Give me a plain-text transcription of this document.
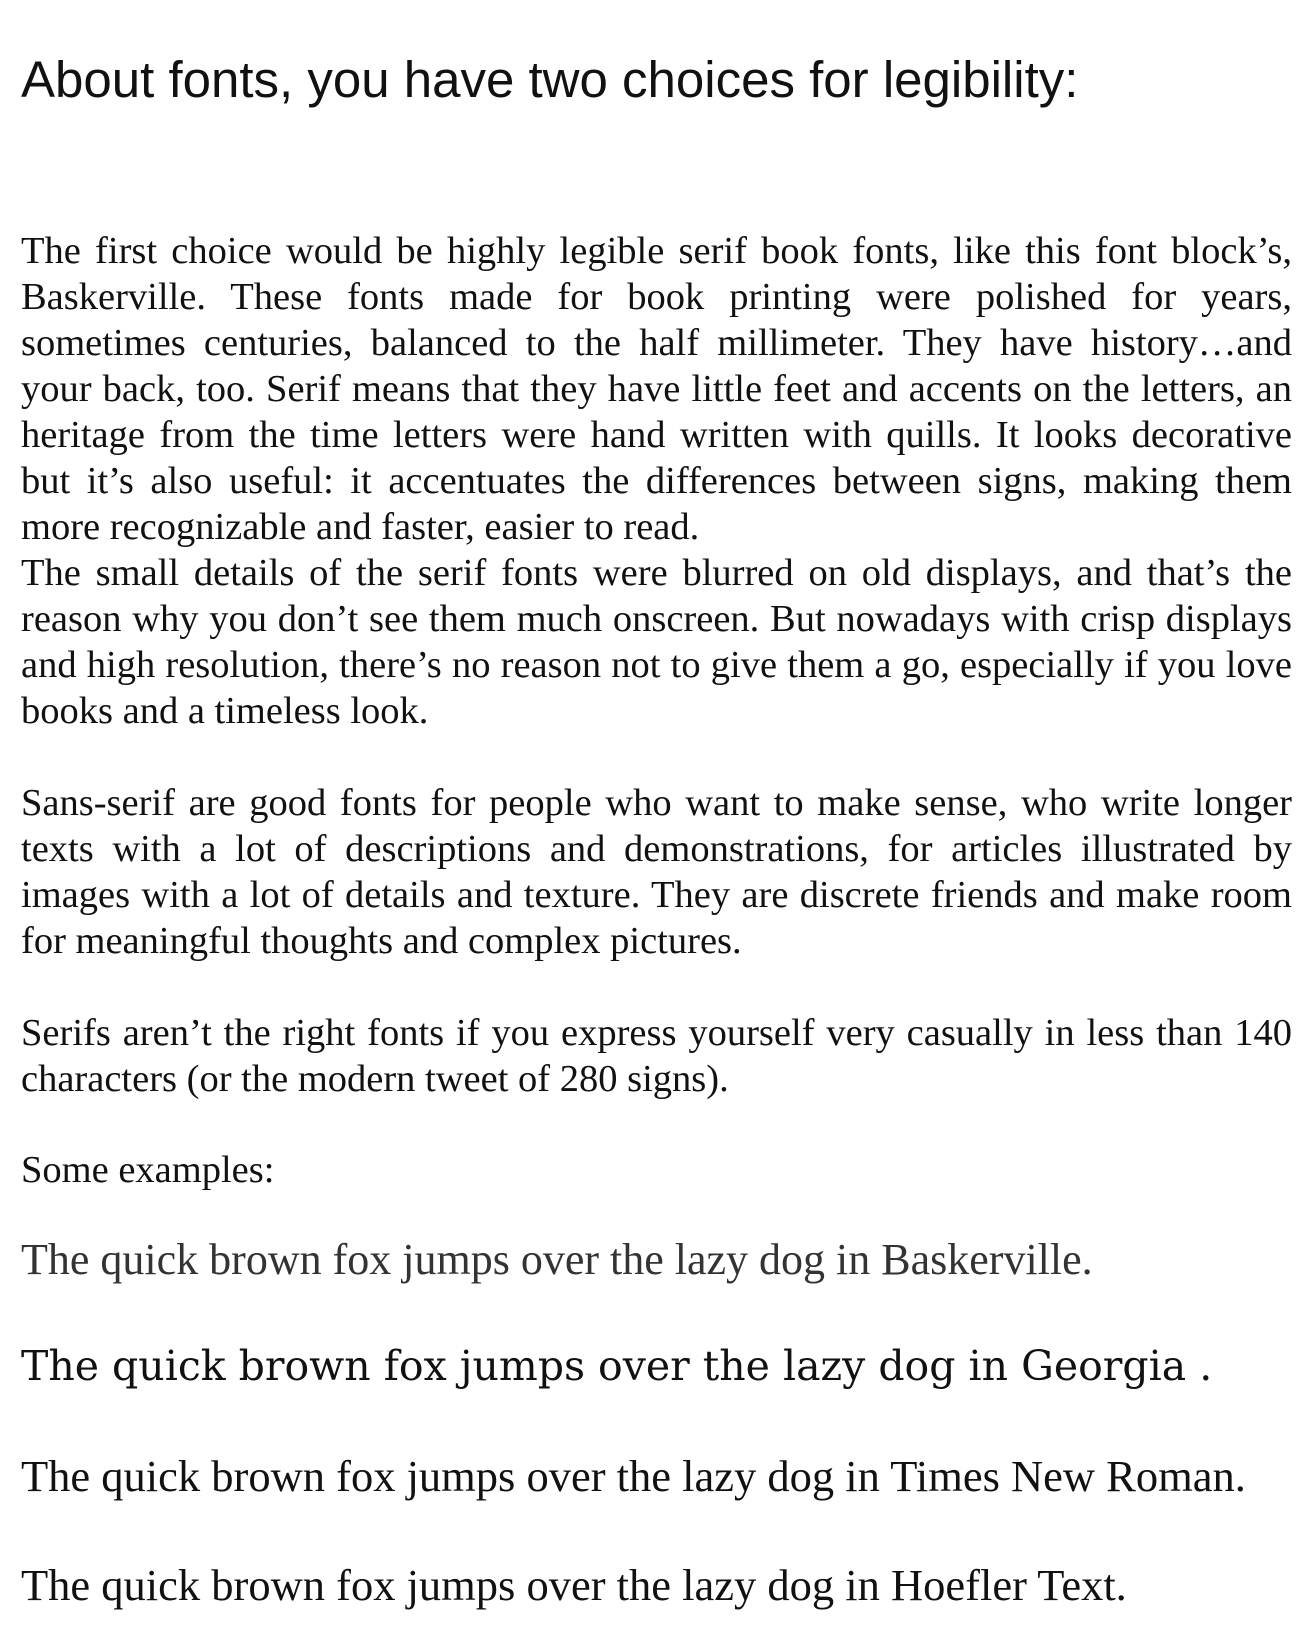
About fonts, you have two choices for legibility:
The first choice would be highly legible serif book fonts, like this font block’s, Baskerville. These fonts made for book printing were polished for years, sometimes centuries, balanced to the half millimeter. They have history…and your back, too. Serif means that they have little feet and accents on the letters, an heritage from the time letters were hand written with quills. It looks decorative but it’s also useful: it accentuates the differences between signs, making them more recognizable and faster, easier to read.
The small details of the serif fonts were blurred on old displays, and that’s the reason why you don’t see them much onscreen. But nowadays with crisp displays and high resolution, there’s no reason not to give them a go, especially if you love books and a timeless look.

Sans-serif are good fonts for people who want to make sense, who write longer texts with a lot of descriptions and demonstrations, for articles illustrated by images with a lot of details and texture. They are discrete friends and make room for meaningful thoughts and complex pictures.

Serifs aren’t the right fonts if you express yourself very casually in less than 140 characters (or the modern tweet of 280 signs).

Some examples:

The quick brown fox jumps over the lazy dog in Baskerville.

The quick brown fox jumps over the lazy dog in Georgia .

The quick brown fox jumps over the lazy dog in Times New Roman.

The quick brown fox jumps over the lazy dog in Hoefler Text.
